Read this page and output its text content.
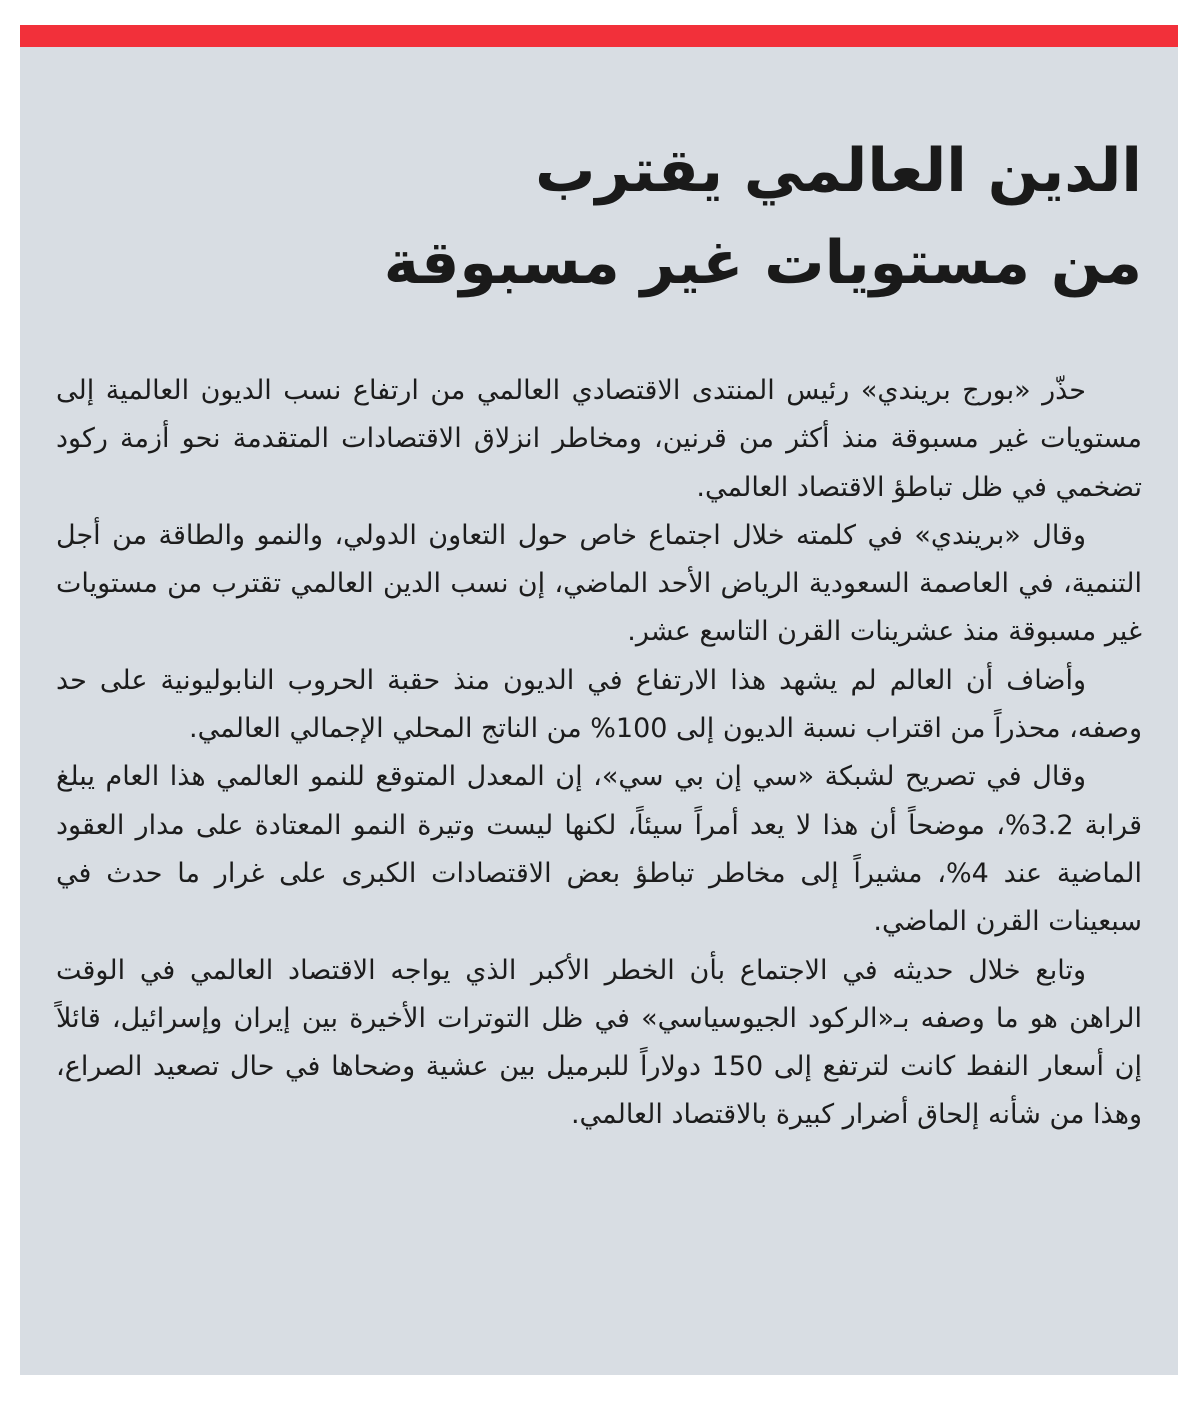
الدين العالمي يقترب
من مستويات غير مسبوقة

حذّر «بورج بريندي» رئيس المنتدى الاقتصادي العالمي من ارتفاع نسب الديون العالمية إلى مستويات غير مسبوقة منذ أكثر من قرنين، ومخاطر انزلاق الاقتصادات المتقدمة نحو أزمة ركود تضخمي في ظل تباطؤ الاقتصاد العالمي.

وقال «بريندي» في كلمته خلال اجتماع خاص حول التعاون الدولي، والنمو والطاقة من أجل التنمية، في العاصمة السعودية الرياض الأحد الماضي، إن نسب الدين العالمي تقترب من مستويات غير مسبوقة منذ عشرينات القرن التاسع عشر.

وأضاف أن العالم لم يشهد هذا الارتفاع في الديون منذ حقبة الحروب النابوليونية على حد وصفه، محذراً من اقتراب نسبة الديون إلى 100% من الناتج المحلي الإجمالي العالمي.

وقال في تصريح لشبكة «سي إن بي سي»، إن المعدل المتوقع للنمو العالمي هذا العام يبلغ قرابة 3.2%، موضحاً أن هذا لا يعد أمراً سيئاً، لكنها ليست وتيرة النمو المعتادة على مدار العقود الماضية عند 4%، مشيراً إلى مخاطر تباطؤ بعض الاقتصادات الكبرى على غرار ما حدث في سبعينات القرن الماضي.

وتابع خلال حديثه في الاجتماع بأن الخطر الأكبر الذي يواجه الاقتصاد العالمي في الوقت الراهن هو ما وصفه بـ«الركود الجيوسياسي» في ظل التوترات الأخيرة بين إيران وإسرائيل، قائلاً إن أسعار النفط كانت لترتفع إلى 150 دولاراً للبرميل بين عشية وضحاها في حال تصعيد الصراع، وهذا من شأنه إلحاق أضرار كبيرة بالاقتصاد العالمي.
